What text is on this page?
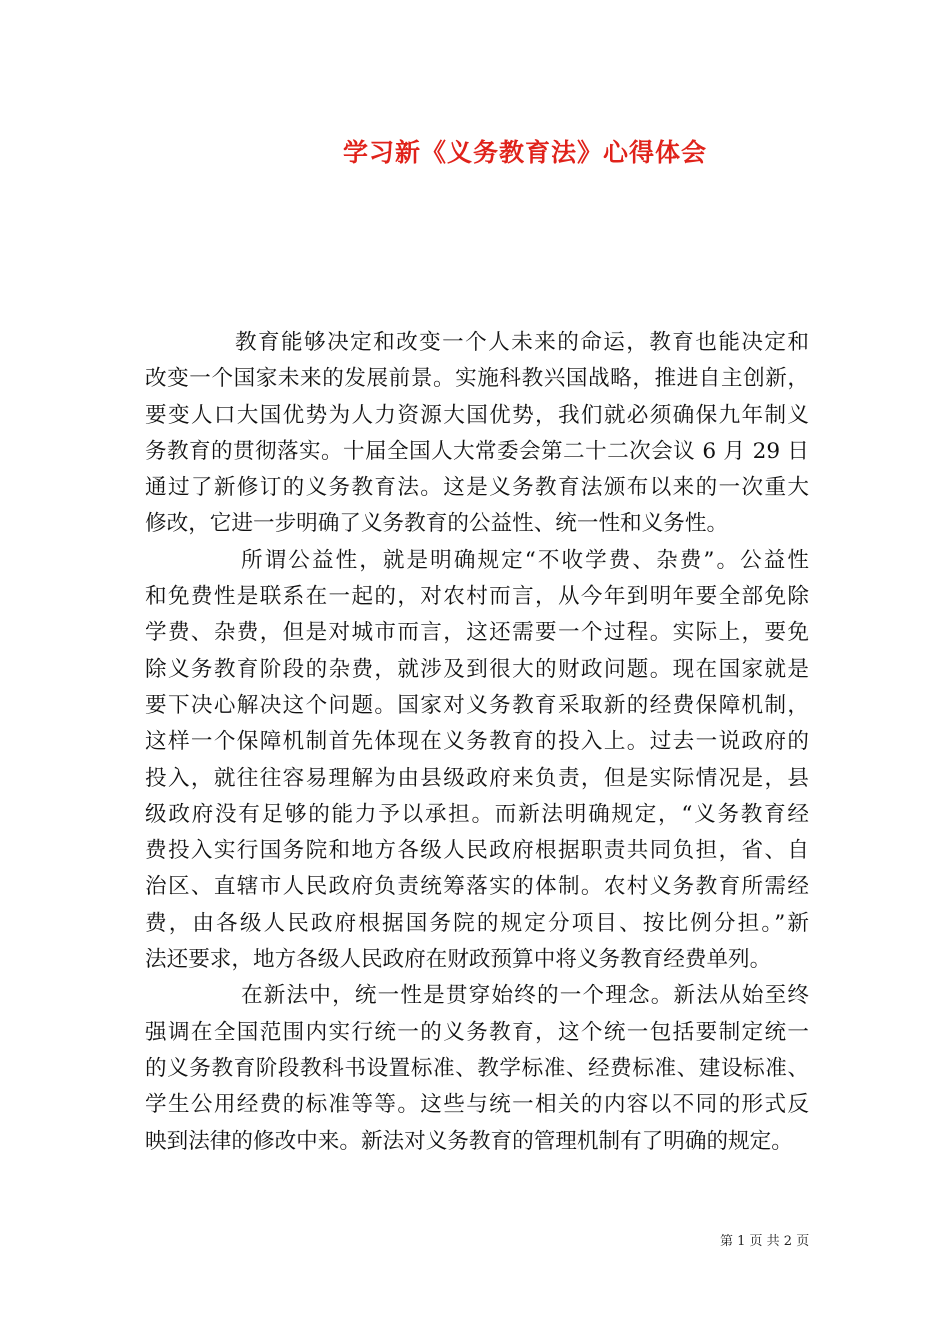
学习新《义务教育法》心得体会
教育能够决定和改变一个人未来的命运，教育也能决定和
改变一个国家未来的发展前景。实施科教兴国战略，推进自主创新，
要变人口大国优势为人力资源大国优势，我们就必须确保九年制义
务教育的贯彻落实。十届全国人大常委会第二十二次会议 6 月 29 日
通过了新修订的义务教育法。这是义务教育法颁布以来的一次重大
修改，它进一步明确了义务教育的公益性、统一性和义务性。
所谓公益性，就是明确规定“不收学费、杂费”。公益性
和免费性是联系在一起的，对农村而言，从今年到明年要全部免除
学费、杂费，但是对城市而言，这还需要一个过程。实际上，要免
除义务教育阶段的杂费，就涉及到很大的财政问题。现在国家就是
要下决心解决这个问题。国家对义务教育采取新的经费保障机制，
这样一个保障机制首先体现在义务教育的投入上。过去一说政府的
投入，就往往容易理解为由县级政府来负责，但是实际情况是，县
级政府没有足够的能力予以承担。而新法明确规定，“义务教育经
费投入实行国务院和地方各级人民政府根据职责共同负担，省、自
治区、直辖市人民政府负责统筹落实的体制。农村义务教育所需经
费，由各级人民政府根据国务院的规定分项目、按比例分担。”新
法还要求，地方各级人民政府在财政预算中将义务教育经费单列。
在新法中，统一性是贯穿始终的一个理念。新法从始至终
强调在全国范围内实行统一的义务教育，这个统一包括要制定统一
的义务教育阶段教科书设置标准、教学标准、经费标准、建设标准、
学生公用经费的标准等等。这些与统一相关的内容以不同的形式反
映到法律的修改中来。新法对义务教育的管理机制有了明确的规定。
第 1 页 共 2 页
